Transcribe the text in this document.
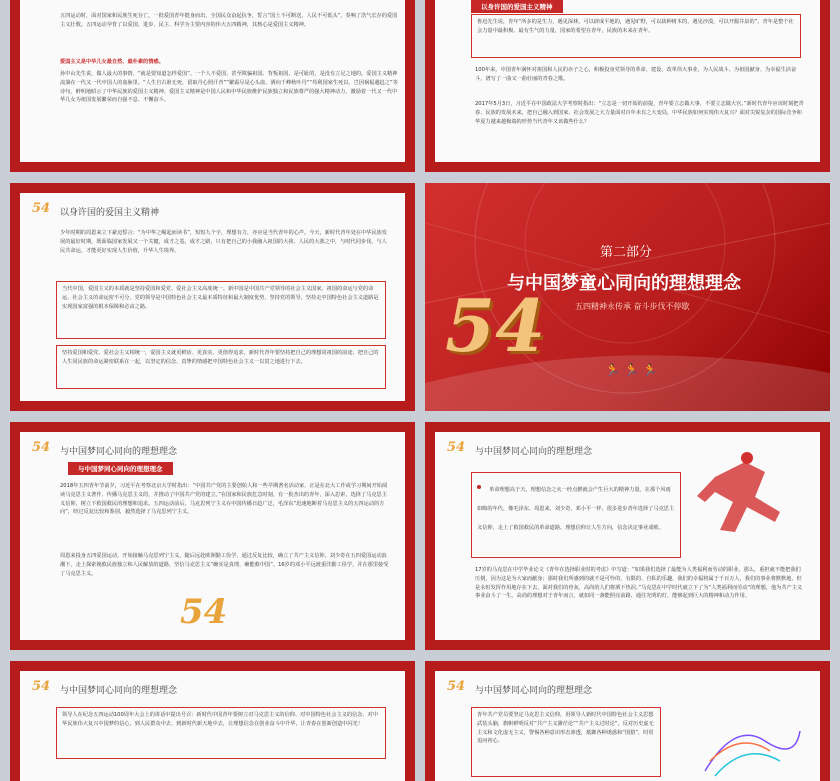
五四运动时，面对国家和民族生死存亡，一批爱国青年挺身而出，全国民众奋起抗争，誓言“国土不可断送，人民不可低头”，奏响了浩气长存的爱国主义壮歌。五四运动孕育了以爱国、进步、民主、科学为主要内容的伟大五四精神，其核心是爱国主义精神。
爱国主义是中华儿女最自然、最朴素的情感。
孙中山先生说，做人最大的事情，“就是要知道怎样爱国”。一个人不爱国，甚至欺骗祖国、背叛祖国，是可耻的，是没有立足之地的。爱国主义精神流淌在一代又一代中国人的血脉里。“人生自古谁无死，留取丹心照汗青”“繁霜尽是心头血，洒向千峰秋叶丹”“苟利国家生死以，岂因祸福避趋之”等诗句，鲜明地昭示了中华民族的爱国主义精神。爱国主义精神是中国人民和中华民族维护民族独立和民族尊严的强大精神动力，激励着一代又一代中华儿女为祖国发展繁荣而自强不息、不懈奋斗。
以身许国的爱国主义精神
鲁迅先生说，青年“所多的是生力，遇见深林，可以辟成平地的，遇见旷野，可以栽种树木的，遇见沙漠，可以开掘井泉的”。青年是整个社会力量中最积极、最有生气的力量，国家的希望在青年，民族的未来在青年。
100年来，中国青年满怀对祖国和人民的赤子之心，积极投身党领导的革命、建设、改革伟大事业，为人民战斗、为祖国献身、为幸福生活奋斗，谱写了一曲又一曲壮丽的青春之歌。
2017年5月3日，习近平在中国政法大学考察时指出：“立志是一切开始的前提，青年要立志做大事，不要立志做大官。”新时代青年应该时刻把青春、民族的发展未来，把自己融入到国家、社会发展之大力量面对百年未有之大变局，中华民族如何实现伟大复兴？面对尖锐复杂的国际竞争和华夏力越来越极端的形势当代青年又该做些什么？
54	以身许国的爱国主义精神
少年时期的周恩来立下豪迈誓言：“为中华之崛起而读书”，短短九个字，理想有力，亦应是当代青年的心声。今天，新时代青年处在中华民族发展的最好时期，既面临国家发展又一个关键，成才之基，成才之路，只有把自己的小我融入祖国的大我、人民的大我之中，与时代同步伐，与人民共命运，才能更好实现人生价值，升华人生境界。
当代中国，爱国主义的本质就是坚持爱国和爱党、爱社会主义高度统一。新中国是中国共产党领导的社会主义国家，祖国的命运与党的命运、社会主义的命运密不可分。党的领导是中国特色社会主义最本质特征和最大制度优势，坚持党的领导，坚持走中国特色社会主义道路是实现国家富强的根本保障和必由之路。
坚持爱国和爱党、爱社会主义相统一，爱国主义就更鲜活、更真实、更值得追求。新时代青年要坚持把自己的理想同祖国的前途、把自己的人生同民族的命运紧密联系在一起，以坚定的信念、真挚的情感把中国特色社会主义一以贯之地进行下去。
第二部分
与中国梦童心同向的理想理念
五四精神永传承 奋斗步伐不停歇
54
🏃🏃🏃
54	与中国梦同心同向的理想理念
与中国梦同心同向的理想理念
2018年五四青年节前夕，习近平在考察北京大学时指出：“中国共产党的主要创始人和一些早期著名活动家，正是在北大工作或学习期间开始阅读马克思主义著作、传播马克思主义的，并推动了中国共产党的建立。”在国家和民族危急时刻，有一批杰出的青年，深入思索，选择了马克思主义信仰，树立下救国救民的理想和追求。五四运动前后，马克思列宁主义在中国传播日趋广泛，毛泽东“迅速地断着马克思主义的五四运动的方向”，经过反复比较和鉴别，毅然选择了马克思列宁主义。
周恩来投身五四爱国运动，开始接触马克思列宁主义，随后远赴欧洲勤工俭学，通过反复比较，确立了共产主义信仰。刘少奇在五四爱国运动浪潮下，走上探索挽救民族独立和人民解放的道路，坚信马克思主义“确实是真理，确能救中国”。16岁的邓小平远渡重洋勤工俭学，并在那里接受了马克思主义。
54
54	与中国梦同心同向的理想理念
革命理想高于天，理想信念之火一经点燃就会产生巨大的精神力量。在那个风雨如晦的年代，像毛泽东、周恩来、刘少奇、邓小平一样，很多进步青年选择了马克思主义信仰，走上了救国救民的革命道路。理想信仰让人生方向，信念决定事业成败。
17岁的马克思在中学毕业论文《青年在选择职业时的考虑》中写道：“如果我们选择了最能为人类福利而劳动的职业，那么，重担就不能把我们压倒，因为这是为大家而献身；那时我们所感到的就不是可怜的、有限的、自私的乐趣，我们的幸福将属于千百万人，我们的事业将默默地、但是永恒发挥作用地存在下去，面对我们的骨灰，高尚的人们将洒下热泪。”马克思在中学时代就立下了为“人类福利而劳动”的理想，他为共产主义事业奋斗了一生。高尚的理想对于青年而言，就如同一盏能照亮前路、通往光明的灯，能够起到巨大的精神和动力作用。
54	与中国梦同心同向的理想理念
领导人在纪念五四运动100周年大会上的讲话中提出号召：新时代中国青年要树立对马克思主义的信仰、对中国特色社会主义的信念、对中华民族伟大复兴中国梦的信心，到人民群众中去、到新时代新天地中去，让理想信念在创业奋斗中升华，让青春在创新创造中闪光！
54	与中国梦同心同向的理想理念
青年共产党员要坚定马克思主义信仰，用领导人新时代中国特色社会主义思想武装头脑，旗帜鲜明反对“共产主义渺茫论”“共产主义过时论”，反对历史虚无主义和文化虚无主义，警惕各种意识形态渗透，抵御各种诱惑和“围猎”，时常追问初心。
